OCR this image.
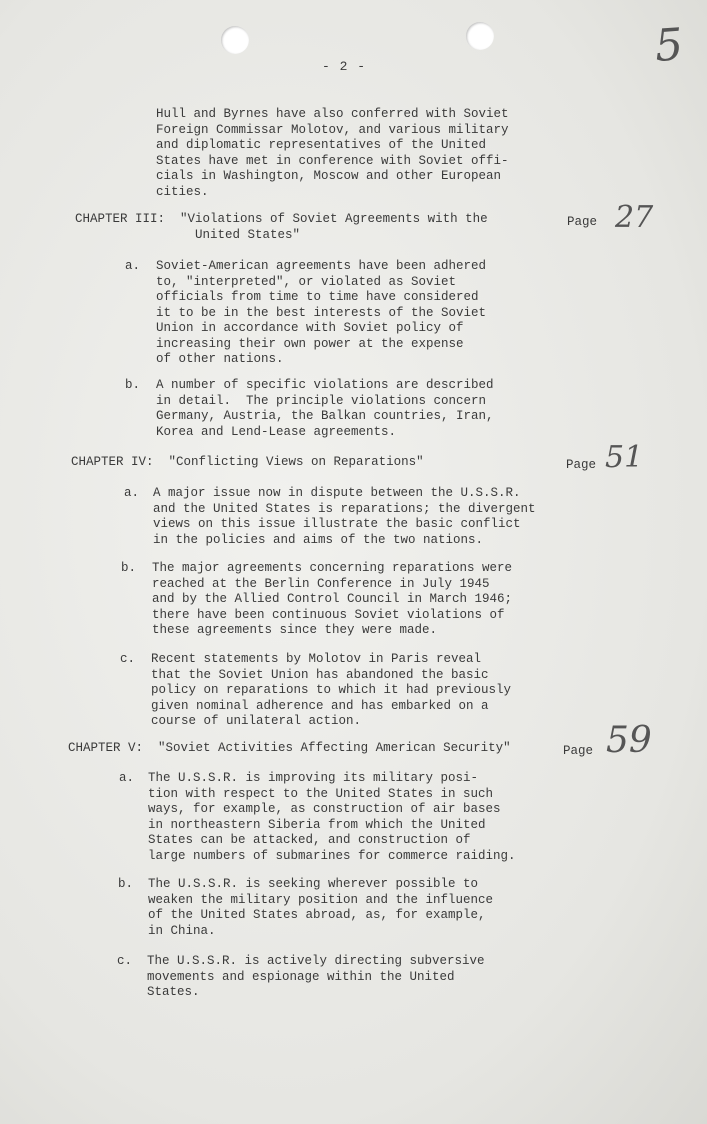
- 2 -	5
Hull and Byrnes have also conferred with Soviet
Foreign Commissar Molotov, and various military
and diplomatic representatives of the United
States have met in conference with Soviet offi-
cials in Washington, Moscow and other European
cities.
CHAPTER III: "Violations of Soviet Agreements with the
United States"
Page 27
a. Soviet-American agreements have been adhered
to, "interpreted", or violated as Soviet
officials from time to time have considered
it to be in the best interests of the Soviet
Union in accordance with Soviet policy of
increasing their own power at the expense
of other nations.
b. A number of specific violations are described
in detail.  The principle violations concern
Germany, Austria, the Balkan countries, Iran,
Korea and Lend-Lease agreements.
CHAPTER IV: "Conflicting Views on Reparations"	Page 51
a. A major issue now in dispute between the U.S.S.R.
and the United States is reparations; the divergent
views on this issue illustrate the basic conflict
in the policies and aims of the two nations.
b. The major agreements concerning reparations were
reached at the Berlin Conference in July 1945
and by the Allied Control Council in March 1946;
there have been continuous Soviet violations of
these agreements since they were made.
c. Recent statements by Molotov in Paris reveal
that the Soviet Union has abandoned the basic
policy on reparations to which it had previously
given nominal adherence and has embarked on a
course of unilateral action.
CHAPTER V: "Soviet Activities Affecting American Security"	Page 59
a. The U.S.S.R. is improving its military posi-
tion with respect to the United States in such
ways, for example, as construction of air bases
in northeastern Siberia from which the United
States can be attacked, and construction of
large numbers of submarines for commerce raiding.
b. The U.S.S.R. is seeking wherever possible to
weaken the military position and the influence
of the United States abroad, as, for example,
in China.
c. The U.S.S.R. is actively directing subversive
movements and espionage within the United
States.
